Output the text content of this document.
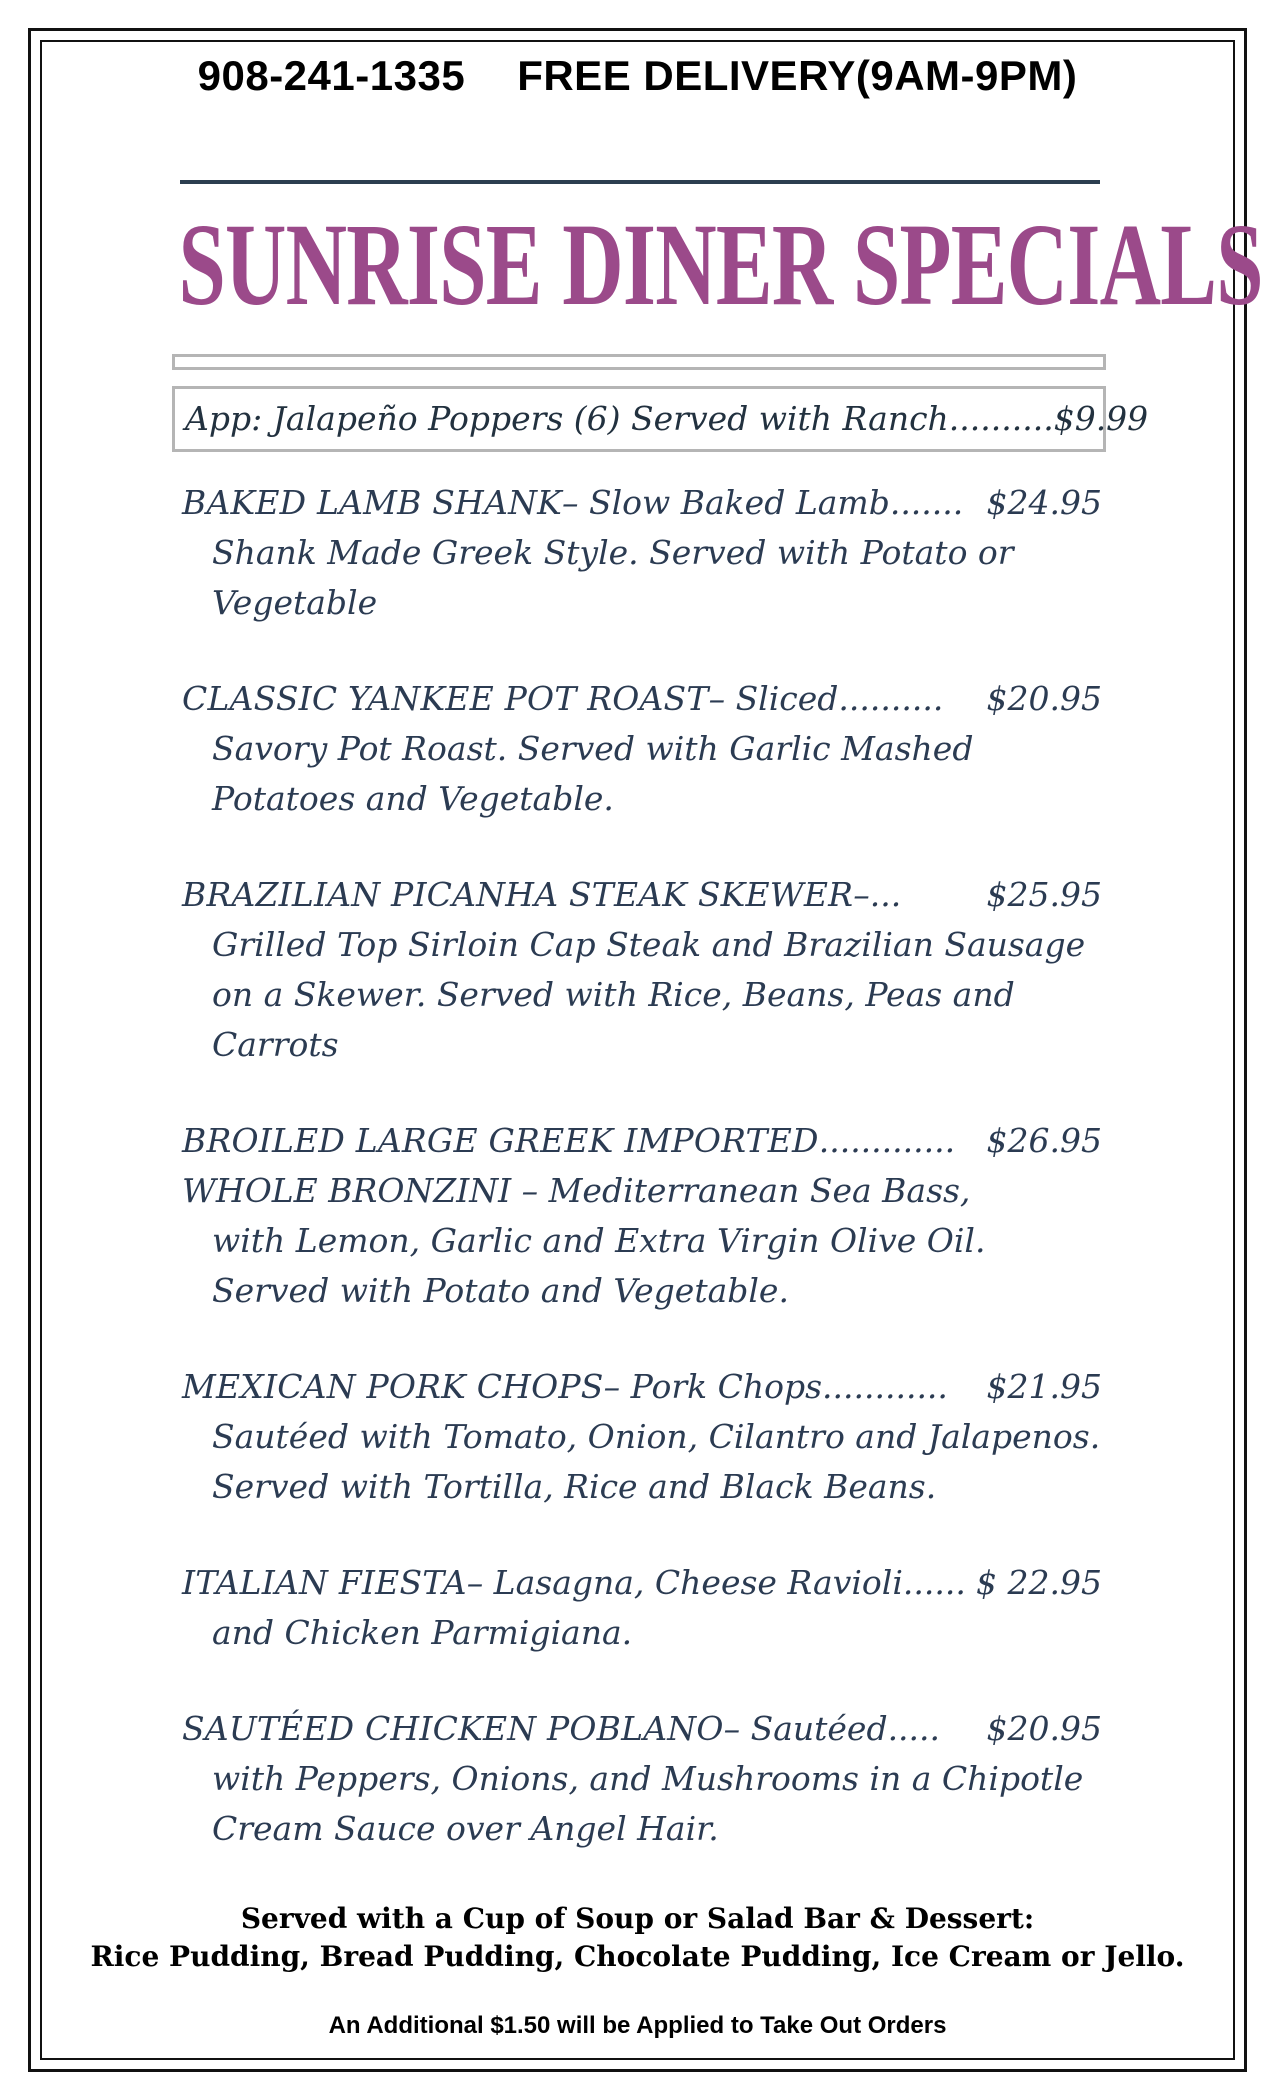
908-241-1335 FREE DELIVERY(9AM-9PM)
SUNRISE DINER SPECIALS
App: Jalapeño Poppers (6) Served with Ranch..........$9.99
BAKED LAMB SHANK – Slow Baked Lamb ....... $24.95
Shank Made Greek Style. Served with Potato or Vegetable
CLASSIC YANKEE POT ROAST – Sliced ..........	$20.95
Savory Pot Roast. Served with Garlic Mashed Potatoes and Vegetable.
BRAZILIAN PICANHA STEAK SKEWER – ...	$25.95
Grilled Top Sirloin Cap Steak and Brazilian Sausage on a Skewer. Served with Rice, Beans, Peas and Carrots
BROILED LARGE GREEK IMPORTED ............. $26.95
WHOLE BRONZINI – Mediterranean Sea Bass,
with Lemon, Garlic and Extra Virgin Olive Oil. Served with Potato and Vegetable.
MEXICAN PORK CHOPS – Pork Chops ............	$21.95
Sautéed with Tomato, Onion, Cilantro and Jalapenos. Served with Tortilla, Rice and Black Beans.
ITALIAN FIESTA – Lasagna, Cheese Ravioli ...... $ 22.95
and Chicken Parmigiana.
SAUTÉED CHICKEN POBLANO – Sautéed .....	$20.95
with Peppers, Onions, and Mushrooms in a Chipotle Cream Sauce over Angel Hair.
Served with a Cup of Soup or Salad Bar & Dessert:
Rice Pudding, Bread Pudding, Chocolate Pudding, Ice Cream or Jello.
An Additional $1.50 will be Applied to Take Out Orders
